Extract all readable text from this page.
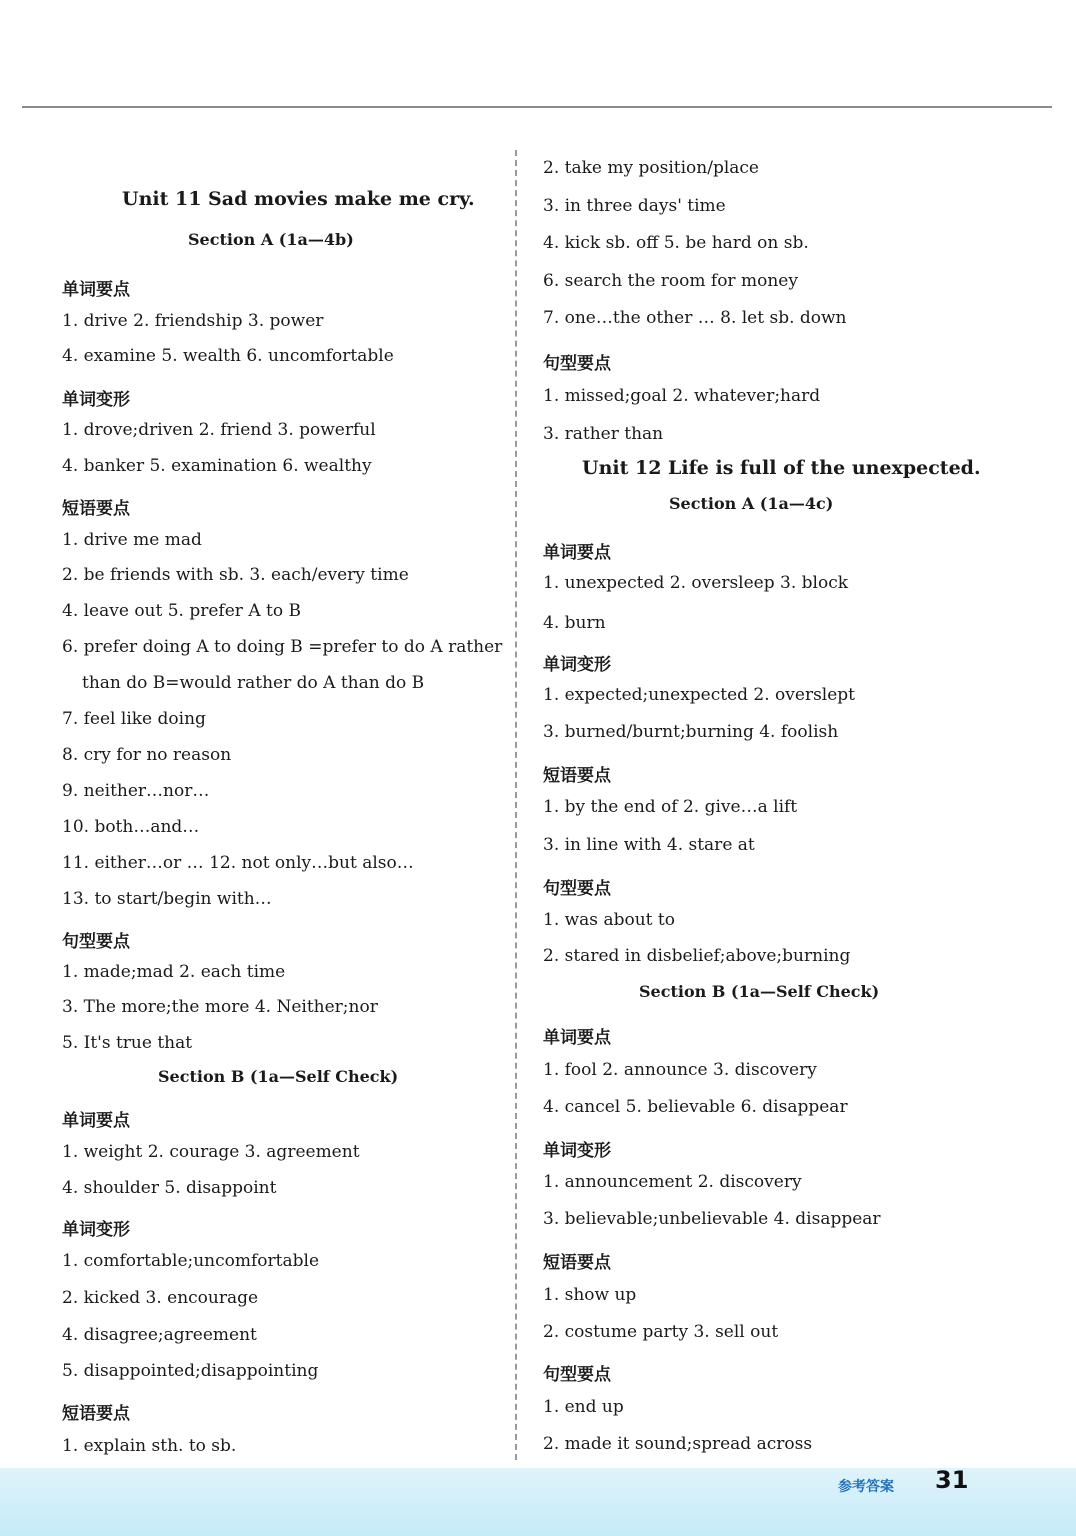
Unit 11 Sad movies make me cry.
Section A (1a—4b)
单词要点
1. drive 2. friendship 3. power
4. examine 5. wealth 6. uncomfortable
单词变形
1. drove;driven 2. friend 3. powerful
4. banker 5. examination 6. wealthy
短语要点
1. drive me mad
2. be friends with sb. 3. each/every time
4. leave out 5. prefer A to B
6. prefer doing A to doing B =prefer to do A rather
than do B=would rather do A than do B
7. feel like doing
8. cry for no reason
9. neither…nor…
10. both…and…
11. either…or … 12. not only…but also…
13. to start/begin with…
句型要点
1. made;mad 2. each time
3. The more;the more 4. Neither;nor
5. It's true that
Section B (1a—Self Check)
单词要点
1. weight 2. courage 3. agreement
4. shoulder 5. disappoint
单词变形
1. comfortable;uncomfortable
2. kicked 3. encourage
4. disagree;agreement
5. disappointed;disappointing
短语要点
1. explain sth. to sb.
2. take my position/place
3. in three days' time
4. kick sb. off 5. be hard on sb.
6. search the room for money
7. one…the other … 8. let sb. down
句型要点
1. missed;goal 2. whatever;hard
3. rather than
Unit 12 Life is full of the unexpected.
Section A (1a—4c)
单词要点
1. unexpected 2. oversleep 3. block
4. burn
单词变形
1. expected;unexpected 2. overslept
3. burned/burnt;burning 4. foolish
短语要点
1. by the end of 2. give…a lift
3. in line with 4. stare at
句型要点
1. was about to
2. stared in disbelief;above;burning
Section B (1a—Self Check)
单词要点
1. fool 2. announce 3. discovery
4. cancel 5. believable 6. disappear
单词变形
1. announcement 2. discovery
3. believable;unbelievable 4. disappear
短语要点
1. show up
2. costume party 3. sell out
句型要点
1. end up
2. made it sound;spread across
参考答案 31
